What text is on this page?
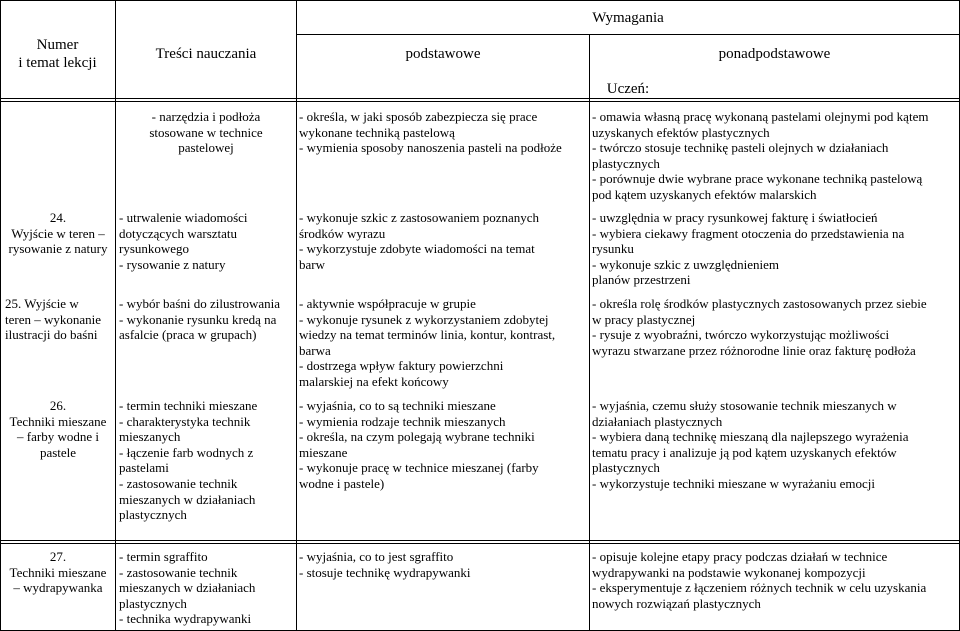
Numer
i temat lekcji
Treści nauczania
Wymagania
podstawowe	ponadpodstawowe
Uczeń:
24.
Wyjście w teren –
rysowanie z natury
- narzędzia i podłoża
stosowane w technice
pastelowej
- utrwalenie wiadomości
dotyczących warsztatu
rysunkowego
- rysowanie z natury
- określa, w jaki sposób zabezpiecza się prace
wykonane techniką pastelową
- wymienia sposoby nanoszenia pasteli na podłoże
- wykonuje szkic z zastosowaniem poznanych
środków wyrazu
- wykorzystuje zdobyte wiadomości na temat
barw
- omawia własną pracę wykonaną pastelami olejnymi pod kątem
uzyskanych efektów plastycznych
- twórczo stosuje technikę pasteli olejnych w działaniach
plastycznych
- porównuje dwie wybrane prace wykonane techniką pastelową
pod kątem uzyskanych efektów malarskich
- uwzględnia w pracy rysunkowej fakturę i światłocień
- wybiera ciekawy fragment otoczenia do przedstawienia na
rysunku
- wykonuje szkic z uwzględnieniem
planów przestrzeni
25. Wyjście w
teren – wykonanie
ilustracji do baśni
- wybór baśni do zilustrowania
- wykonanie rysunku kredą na
asfalcie (praca w grupach)
- aktywnie współpracuje w grupie
- wykonuje rysunek z wykorzystaniem zdobytej
wiedzy na temat terminów linia, kontur, kontrast,
barwa
- dostrzega wpływ faktury powierzchni
malarskiej na efekt końcowy
- określa rolę środków plastycznych zastosowanych przez siebie
w pracy plastycznej
- rysuje z wyobraźni, twórczo wykorzystując możliwości
wyrazu stwarzane przez różnorodne linie oraz fakturę podłoża
26.
Techniki mieszane
– farby wodne i
pastele
- termin techniki mieszane
- charakterystyka technik
mieszanych
- łączenie farb wodnych z
pastelami
- zastosowanie technik
mieszanych w działaniach
plastycznych
- wyjaśnia, co to są techniki mieszane
- wymienia rodzaje technik mieszanych
- określa, na czym polegają wybrane techniki
mieszane
- wykonuje pracę w technice mieszanej (farby
wodne i pastele)
- wyjaśnia, czemu służy stosowanie technik mieszanych w
działaniach plastycznych
- wybiera daną technikę mieszaną dla najlepszego wyrażenia
tematu pracy i analizuje ją pod kątem uzyskanych efektów
plastycznych
- wykorzystuje techniki mieszane w wyrażaniu emocji
27.
Techniki mieszane
– wydrapywanka
- termin sgraffito
- zastosowanie technik
mieszanych w działaniach
plastycznych
- technika wydrapywanki
- wyjaśnia, co to jest sgraffito
- stosuje technikę wydrapywanki
- opisuje kolejne etapy pracy podczas działań w technice
wydrapywanki na podstawie wykonanej kompozycji
- eksperymentuje z łączeniem różnych technik w celu uzyskania
nowych rozwiązań plastycznych
